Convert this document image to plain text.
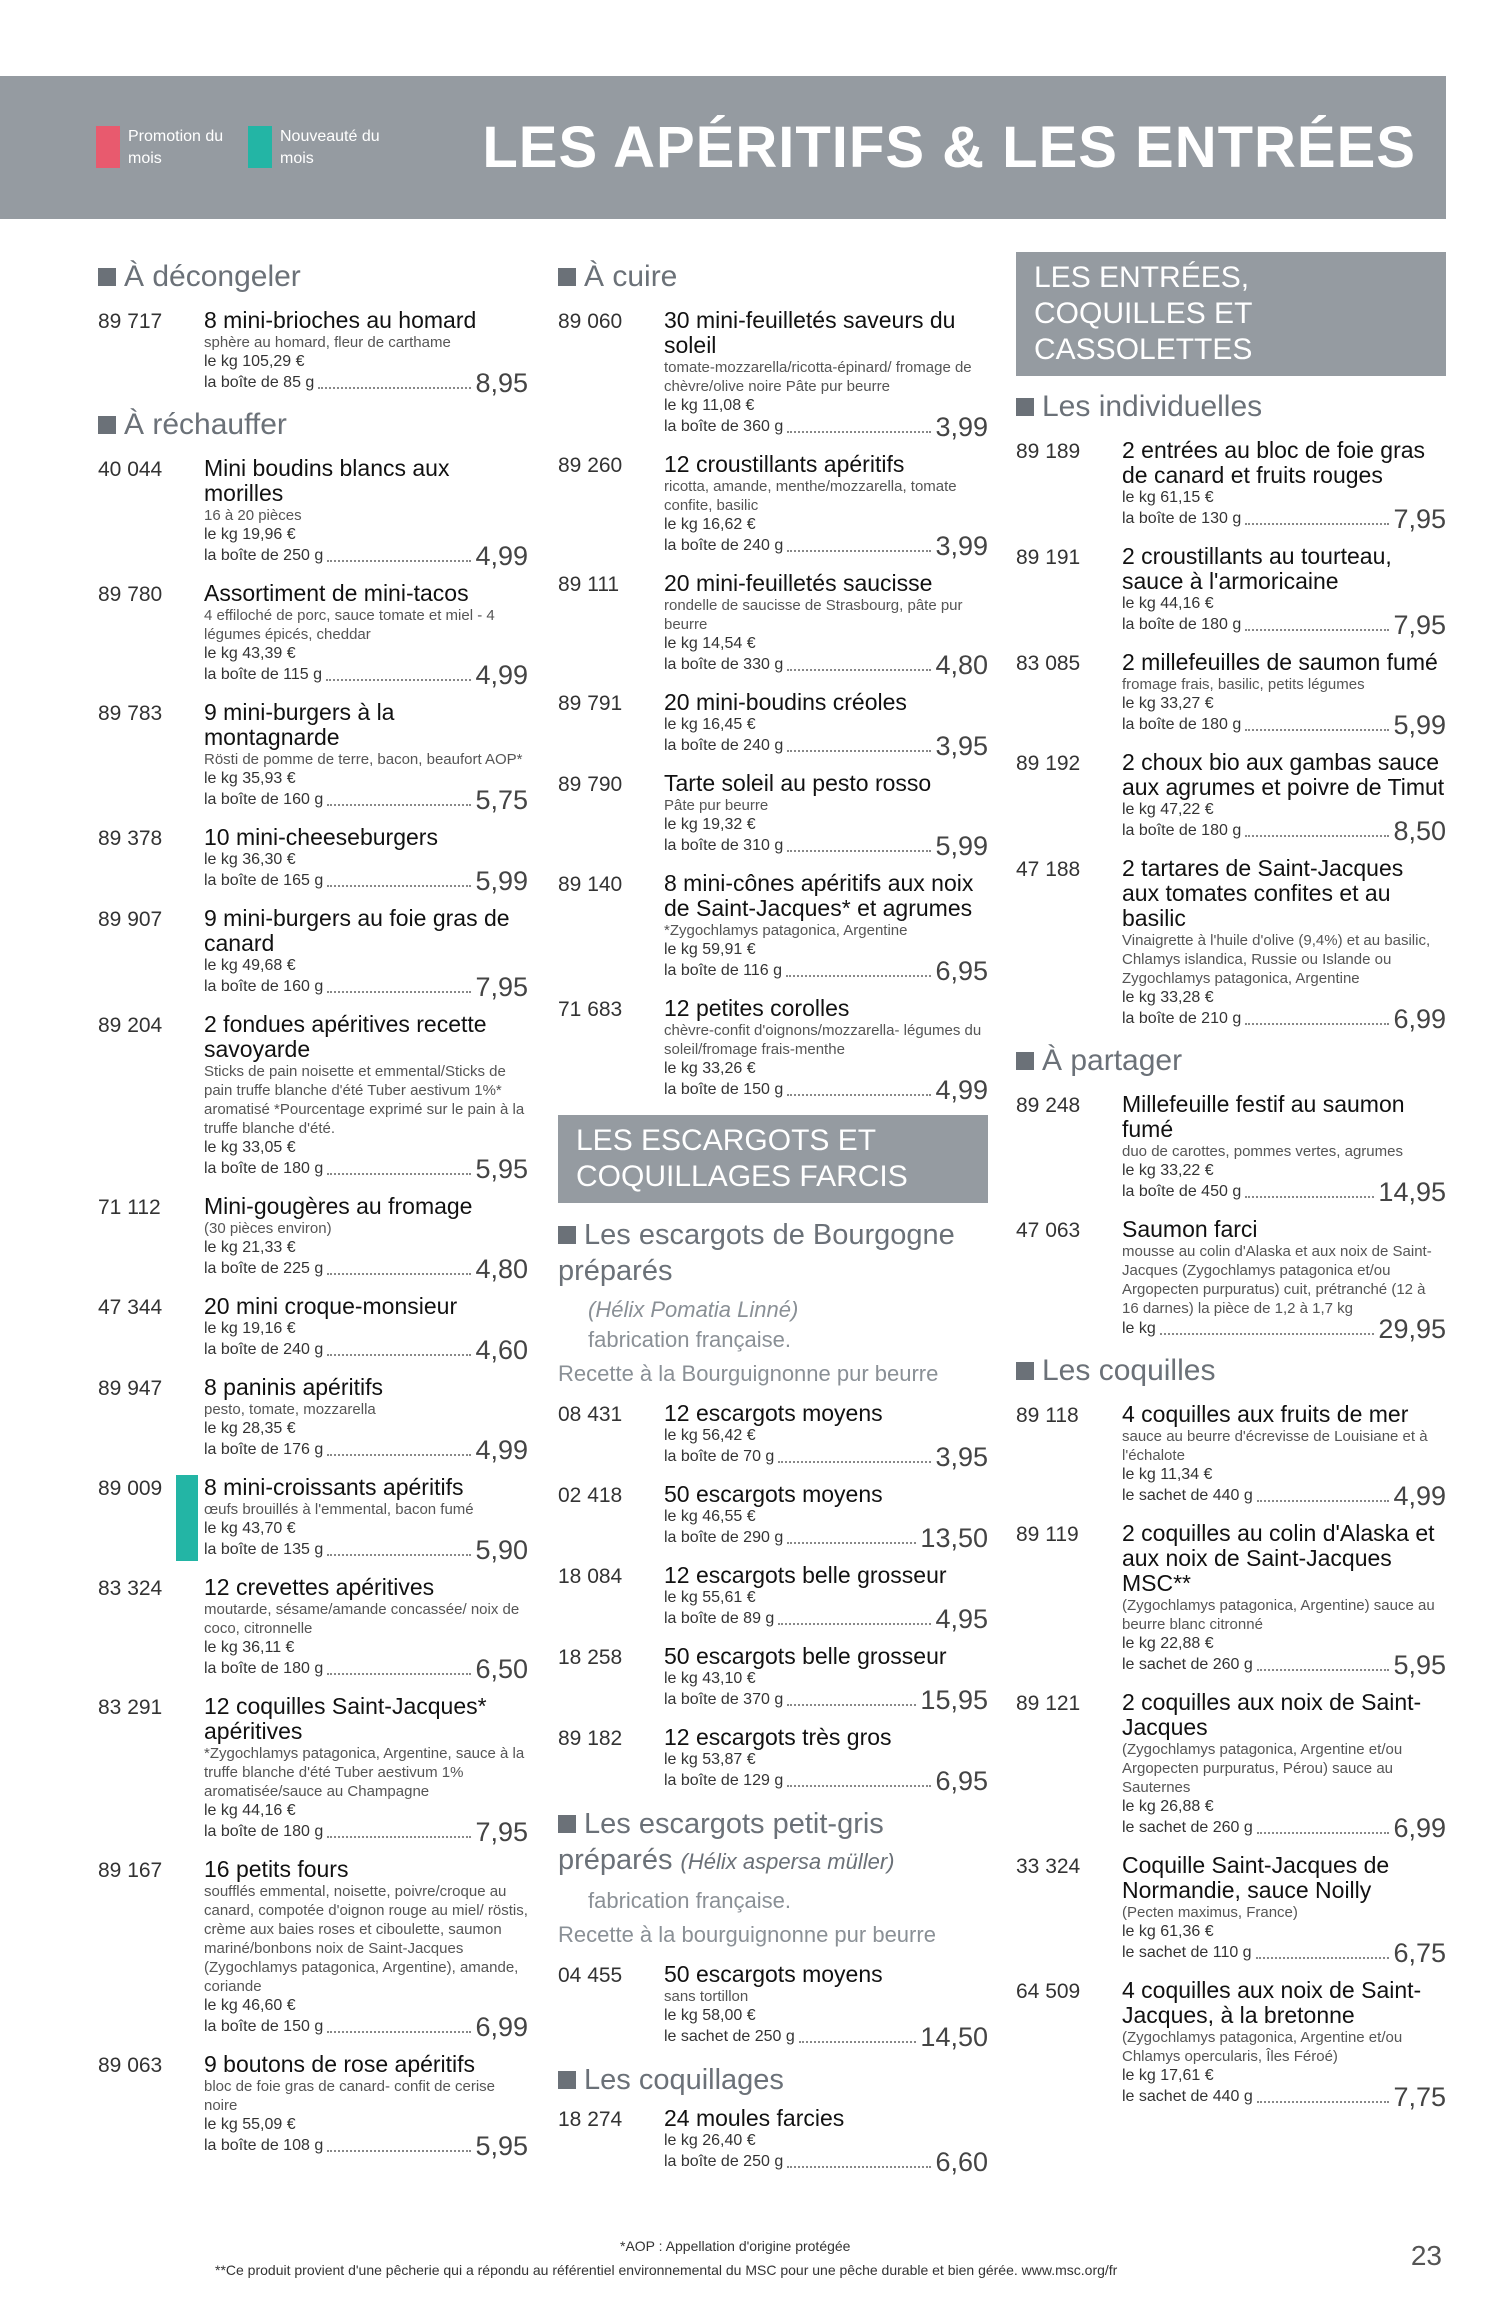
Promotion du mois
Nouveauté du mois	LES APÉRITIFS & LES ENTRÉES
À décongeler
89 717 8 mini-brioches au homard
sphère au homard, fleur de carthame
le kg 105,29 €
la boîte de 85 g	8,95
À réchauffer
40 044 Mini boudins blancs aux morilles
16 à 20 pièces
le kg 19,96 €
la boîte de 250 g	4,99
89 780 Assortiment de mini-tacos
4 effiloché de porc, sauce tomate et miel - 4 légumes épicés, cheddar
le kg 43,39 €
la boîte de 115 g	4,99
89 783 9 mini-burgers à la montagnarde
Rösti de pomme de terre, bacon, beaufort AOP*
le kg 35,93 €
la boîte de 160 g	5,75
89 378 10 mini-cheeseburgers
le kg 36,30 €
la boîte de 165 g	5,99
89 907 9 mini-burgers au foie gras de canard
le kg 49,68 €
la boîte de 160 g	7,95
89 204 2 fondues apéritives recette savoyarde
Sticks de pain noisette et emmental/Sticks de pain truffe blanche d'été Tuber aestivum 1%* aromatisé *Pourcentage exprimé sur le pain à la truffe blanche d'été.
le kg 33,05 €
la boîte de 180 g	5,95
71 112 Mini-gougères au fromage
(30 pièces environ)
le kg 21,33 €
la boîte de 225 g	4,80
47 344 20 mini croque-monsieur
le kg 19,16 €
la boîte de 240 g	4,60
89 947 8 paninis apéritifs
pesto, tomate, mozzarella
le kg 28,35 €
la boîte de 176 g	4,99
89 009 8 mini-croissants apéritifs
œufs brouillés à l'emmental, bacon fumé
le kg 43,70 €
la boîte de 135 g	5,90
83 324 12 crevettes apéritives
moutarde, sésame/amande concassée/ noix de coco, citronnelle
le kg 36,11 €
la boîte de 180 g	6,50
83 291 12 coquilles Saint-Jacques* apéritives
*Zygochlamys patagonica, Argentine, sauce à la truffe blanche d'été Tuber aestivum 1% aromatisée/sauce au Champagne
le kg 44,16 €
la boîte de 180 g	7,95
89 167 16 petits fours
soufflés emmental, noisette, poivre/croque au canard, compotée d'oignon rouge au miel/ röstis, crème aux baies roses et ciboulette, saumon mariné/bonbons noix de Saint-Jacques (Zygochlamys patagonica, Argentine), amande, coriande
le kg 46,60 €
la boîte de 150 g	6,99
89 063 9 boutons de rose apéritifs
bloc de foie gras de canard- confit de cerise noire
le kg 55,09 €
la boîte de 108 g	5,95
À cuire
89 060 30 mini-feuilletés saveurs du soleil
tomate-mozzarella/ricotta-épinard/ fromage de chèvre/olive noire Pâte pur beurre
le kg 11,08 €
la boîte de 360 g	3,99
89 260 12 croustillants apéritifs
ricotta, amande, menthe/mozzarella, tomate confite, basilic
le kg 16,62 €
la boîte de 240 g	3,99
89 111 20 mini-feuilletés saucisse
rondelle de saucisse de Strasbourg, pâte pur beurre
le kg 14,54 €
la boîte de 330 g	4,80
89 791 20 mini-boudins créoles
le kg 16,45 €
la boîte de 240 g	3,95
89 790 Tarte soleil au pesto rosso
Pâte pur beurre
le kg 19,32 €
la boîte de 310 g	5,99
89 140 8 mini-cônes apéritifs aux noix de Saint-Jacques* et agrumes
*Zygochlamys patagonica, Argentine
le kg 59,91 €
la boîte de 116 g	6,95
71 683 12 petites corolles
chèvre-confit d'oignons/mozzarella- légumes du soleil/fromage frais-menthe
le kg 33,26 €
la boîte de 150 g	4,99
LES ESCARGOTS ET COQUILLAGES FARCIS
Les escargots de Bourgogne préparés
(Hélix Pomatia Linné)
fabrication française.
Recette à la Bourguignonne pur beurre
08 431 12 escargots moyens
le kg 56,42 €
la boîte de 70 g	3,95
02 418 50 escargots moyens
le kg 46,55 €
la boîte de 290 g	13,50
18 084 12 escargots belle grosseur
le kg 55,61 €
la boîte de 89 g	4,95
18 258 50 escargots belle grosseur
le kg 43,10 €
la boîte de 370 g	15,95
89 182 12 escargots très gros
le kg 53,87 €
la boîte de 129 g	6,95
Les escargots petit-gris préparés (Hélix aspersa müller)
fabrication française.
Recette à la bourguignonne pur beurre
04 455 50 escargots moyens
sans tortillon
le kg 58,00 €
le sachet de 250 g	14,50
Les coquillages
18 274 24 moules farcies
le kg 26,40 €
la boîte de 250 g	6,60
LES ENTRÉES, COQUILLES ET CASSOLETTES
Les individuelles
89 189 2 entrées au bloc de foie gras de canard et fruits rouges
le kg 61,15 €
la boîte de 130 g	7,95
89 191 2 croustillants au tourteau, sauce à l'armoricaine
le kg 44,16 €
la boîte de 180 g	7,95
83 085 2 millefeuilles de saumon fumé
fromage frais, basilic, petits légumes
le kg 33,27 €
la boîte de 180 g	5,99
89 192 2 choux bio aux gambas sauce aux agrumes et poivre de Timut
le kg 47,22 €
la boîte de 180 g	8,50
47 188 2 tartares de Saint-Jacques aux tomates confites et au basilic
Vinaigrette à l'huile d'olive (9,4%) et au basilic, Chlamys islandica, Russie ou Islande ou Zygochlamys patagonica, Argentine
le kg 33,28 €
la boîte de 210 g	6,99
À partager
89 248 Millefeuille festif au saumon fumé
duo de carottes, pommes vertes, agrumes
le kg 33,22 €
la boîte de 450 g	14,95
47 063 Saumon farci
mousse au colin d'Alaska et aux noix de Saint-Jacques (Zygochlamys patagonica et/ou Argopecten purpuratus) cuit, prétranché (12 à 16 darnes) la pièce de 1,2 à 1,7 kg
le kg	29,95
Les coquilles
89 118 4 coquilles aux fruits de mer
sauce au beurre d'écrevisse de Louisiane et à l'échalote
le kg 11,34 €
le sachet de 440 g	4,99
89 119 2 coquilles au colin d'Alaska et aux noix de Saint-Jacques MSC**
(Zygochlamys patagonica, Argentine) sauce au beurre blanc citronné
le kg 22,88 €
le sachet de 260 g	5,95
89 121 2 coquilles aux noix de Saint-Jacques
(Zygochlamys patagonica, Argentine et/ou Argopecten purpuratus, Pérou) sauce au Sauternes
le kg 26,88 €
le sachet de 260 g	6,99
33 324 Coquille Saint-Jacques de Normandie, sauce Noilly
(Pecten maximus, France)
le kg 61,36 €
le sachet de 110 g	6,75
64 509 4 coquilles aux noix de Saint-Jacques, à la bretonne
(Zygochlamys patagonica, Argentine et/ou Chlamys opercularis, Îles Féroé)
le kg 17,61 €
le sachet de 440 g	7,75
*AOP : Appellation d'origine protégée
**Ce produit provient d'une pêcherie qui a répondu au référentiel environnemental du MSC pour une pêche durable et bien gérée. www.msc.org/fr	23
